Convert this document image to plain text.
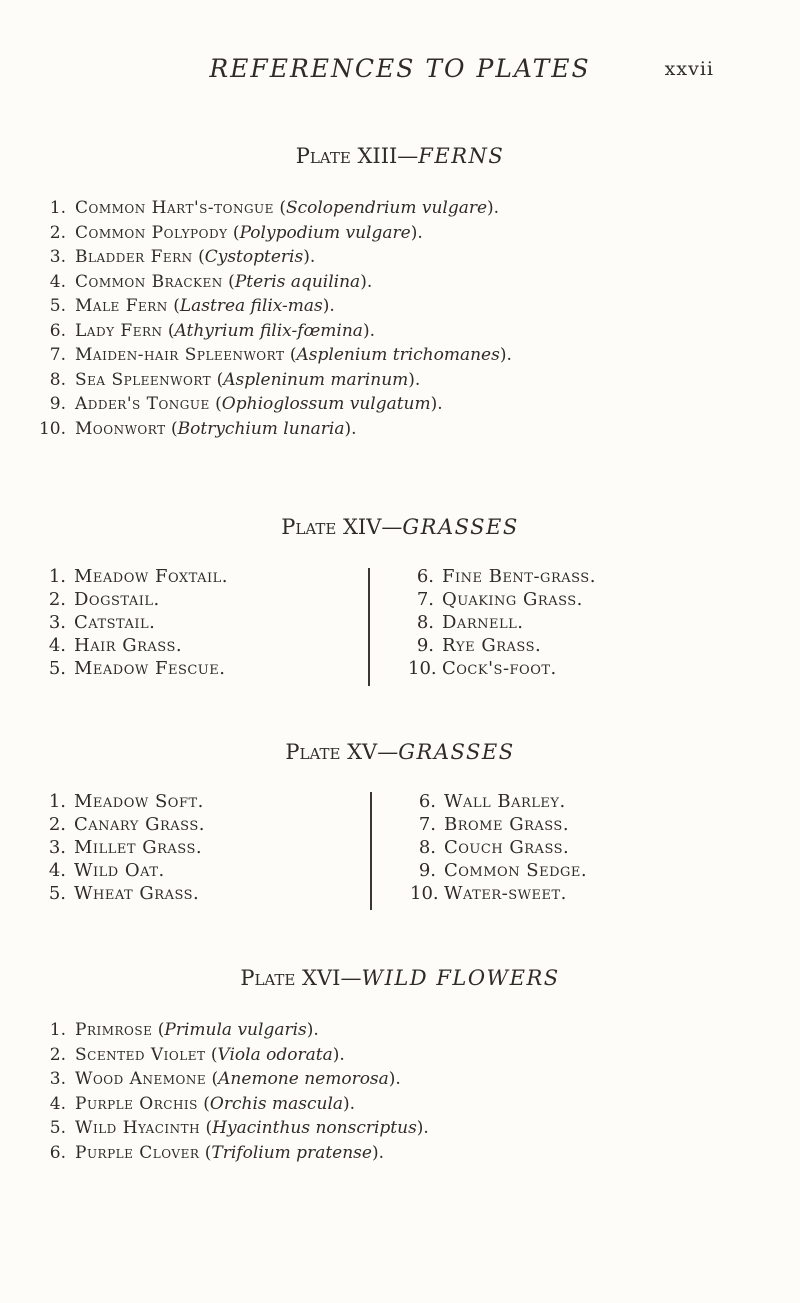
REFERENCES TO PLATES	xxvii
Plate XIII—FERNS
1. Common Hart's-tongue (Scolopendrium vulgare).
2. Common Polypody (Polypodium vulgare).
3. Bladder Fern (Cystopteris).
4. Common Bracken (Pteris aquilina).
5. Male Fern (Lastrea filix-mas).
6. Lady Fern (Athyrium filix-fœmina).
7. Maiden-hair Spleenwort (Asplenium trichomanes).
8. Sea Spleenwort (Aspleninum marinum).
9. Adder's Tongue (Ophioglossum vulgatum).
10. Moonwort (Botrychium lunaria).
Plate XIV—GRASSES
1. Meadow Foxtail.
2. Dogstail.
3. Catstail.
4. Hair Grass.
5. Meadow Fescue.
6. Fine Bent-grass.
7. Quaking Grass.
8. Darnell.
9. Rye Grass.
10. Cock's-foot.
Plate XV—GRASSES
1. Meadow Soft.
2. Canary Grass.
3. Millet Grass.
4. Wild Oat.
5. Wheat Grass.
6. Wall Barley.
7. Brome Grass.
8. Couch Grass.
9. Common Sedge.
10. Water-sweet.
Plate XVI—WILD FLOWERS
1. Primrose (Primula vulgaris).
2. Scented Violet (Viola odorata).
3. Wood Anemone (Anemone nemorosa).
4. Purple Orchis (Orchis mascula).
5. Wild Hyacinth (Hyacinthus nonscriptus).
6. Purple Clover (Trifolium pratense).
